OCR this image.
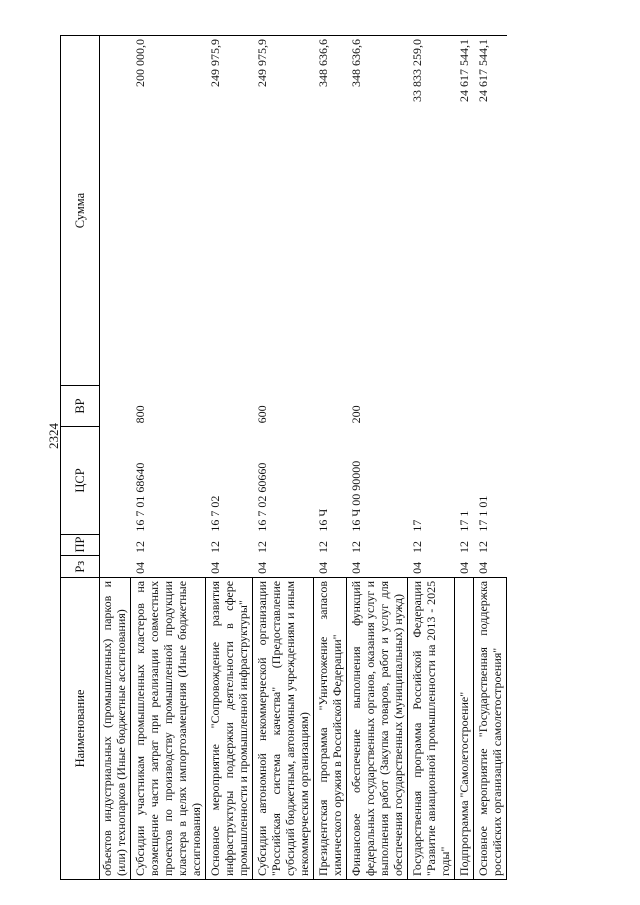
2324
Наименование	Рз	ПР	ЦСР	ВР	Сумма
объектов индустриальных (промышленных) парков и (или) технопарков (Иные бюджетные ассигнования)					
Субсидии участникам промышленных кластеров на возмещение части затрат при реализации совместных проектов по производству промышленной продукции кластера в целях импортозамещения (Иные бюджетные ассигнования)	04	12	16 7 01 68640	800	200 000,0
Основное мероприятие "Сопровождение развития инфраструктуры поддержки деятельности в сфере промышленности и промышленной инфраструктуры"	04	12	16 7 02		249 975,9
Субсидии автономной некоммерческой организации "Российская система качества" (Предоставление субсидий бюджетным, автономным учреждениям и иным некоммерческим организациям)	04	12	16 7 02 60660	600	249 975,9
Президентская программа "Уничтожение запасов химического оружия в Российской Федерации"	04	12	16 Ч		348 636,6
Финансовое обеспечение выполнения функций федеральных государственных органов, оказания услуг и выполнения работ (Закупка товаров, работ и услуг для обеспечения государственных (муниципальных) нужд)	04	12	16 Ч 00 90000	200	348 636,6
Государственная программа Российской Федерации "Развитие авиационной промышленности на 2013 - 2025 годы"	04	12	17		33 833 259,0
Подпрограмма "Самолетостроение"	04	12	17 1		24 617 544,1
Основное мероприятие "Государственная поддержка российских организаций самолетостроения"	04	12	17 1 01		24 617 544,1
